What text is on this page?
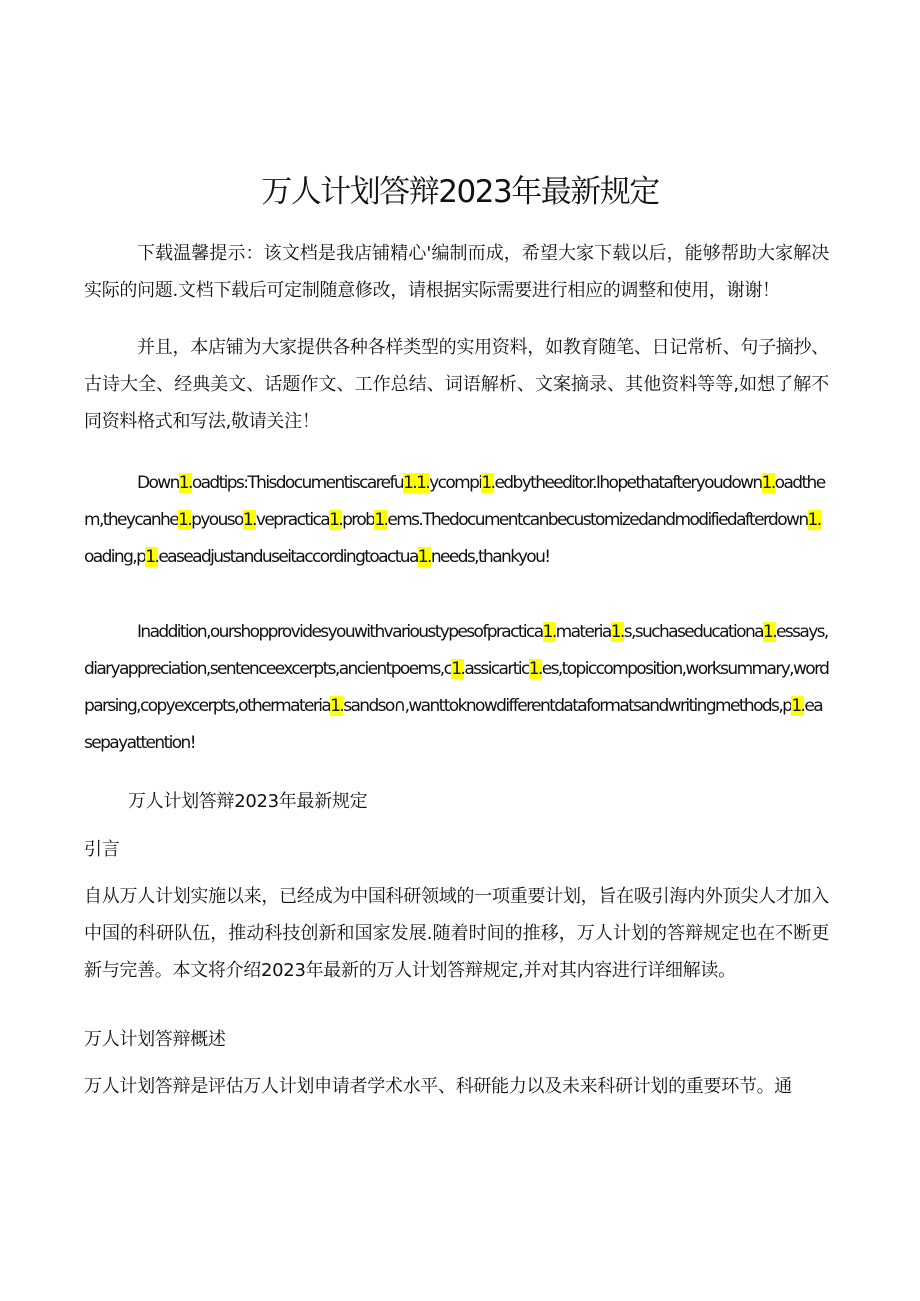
万人计划答辩2023年最新规定
下载温馨提示：该文档是我店铺精心'编制而成，希望大家下载以后，能够帮助大家解决实际的问题.文档下载后可定制随意修改，请根据实际需要进行相应的调整和使用，谢谢！
并且，本店铺为大家提供各种各样类型的实用资料，如教育随笔、日记常析、句子摘抄、古诗大全、经典美文、话题作文、工作总结、词语解析、文案摘录、其他资料等等,如想了解不同资料格式和写法,敬请关注！
Down1.oadtips:Thisdocumentiscarefu1.1.ycompi1.edbytheeditor.Ihopethatafteryoudown1.oadthem,theycanhe1.pyouso1.vepractica1.prob1.ems.Thedocumentcanbecustomizedandmodifiedafterdown1.oading,p1.easeadjustanduseitaccordingtoactua1.needs,thankyou!
Inaddition,ourshopprovidesyouwithvarioustypesofpractica1.materia1.s,suchaseducationa1.essays,diaryappreciation,sentenceexcerpts,ancientpoems,c1.assicartic1.es,topiccomposition,worksummary,wordparsing,copyexcerpts,othermateria1.sandso∩,wanttoknowdifferentdataformatsandwritingmethods,p1.easepayattention!
万人计划答辩2023年最新规定
引言
自从万人计划实施以来，已经成为中国科研领域的一项重要计划，旨在吸引海内外顶尖人才加入中国的科研队伍，推动科技创新和国家发展.随着时间的推移，万人计划的答辩规定也在不断更新与完善。本文将介绍2023年最新的万人计划答辩规定,并对其内容进行详细解读。
万人计划答辩概述
万人计划答辩是评估万人计划申请者学术水平、科研能力以及未来科研计划的重要环节。通
